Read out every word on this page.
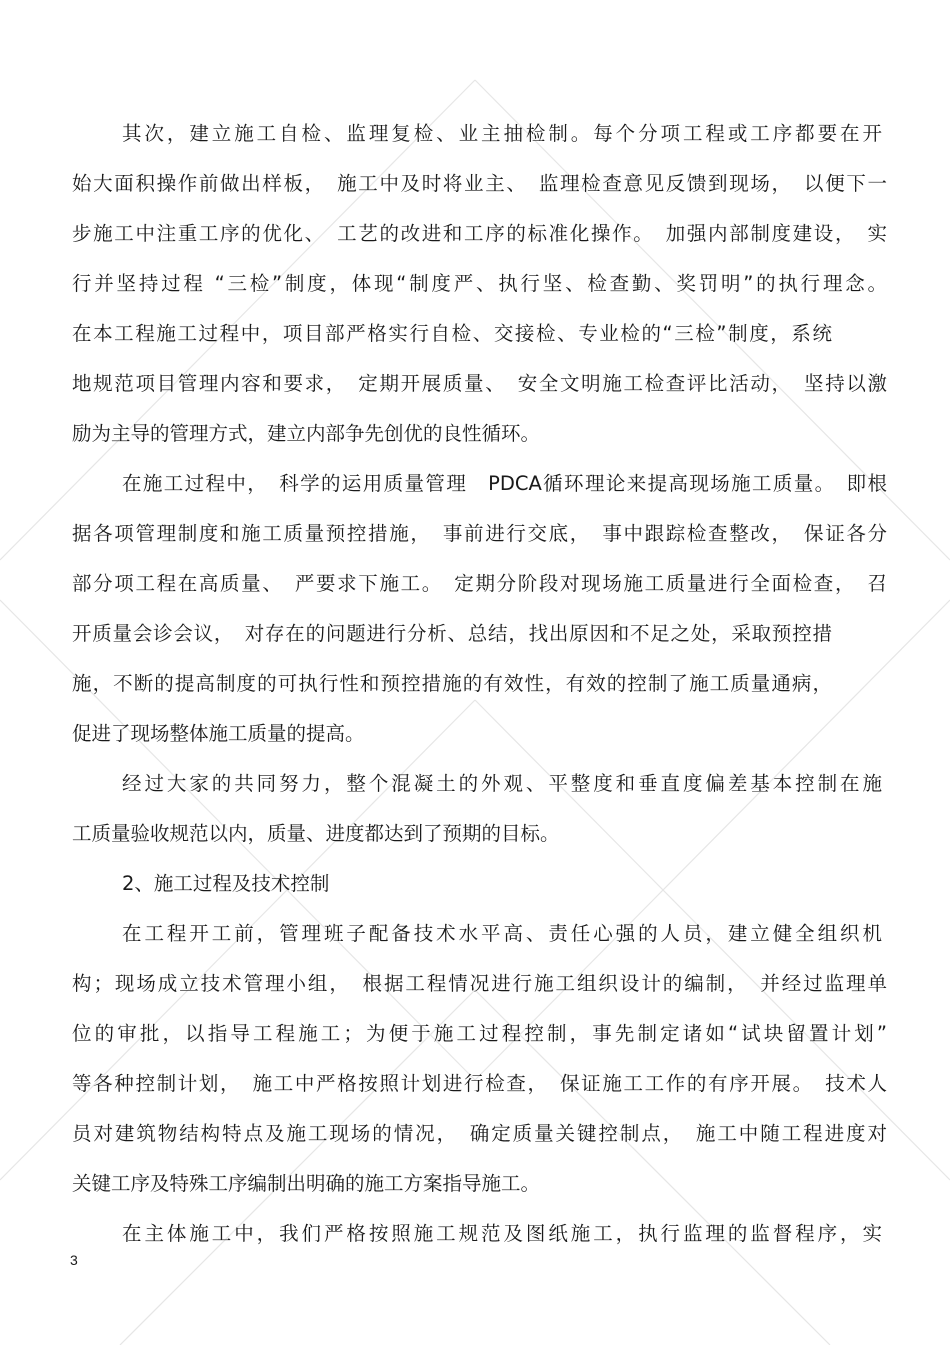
其次，建立施工自检、监理复检、业主抽检制。每个分项工程或工序都要在开
始大面积操作前做出样板，　施工中及时将业主、　监理检查意见反馈到现场，　以便下一
步施工中注重工序的优化、　工艺的改进和工序的标准化操作。　加强内部制度建设，　实
行并坚持过程 “三检”制度，体现“制度严、执行坚、检查勤、奖罚明”的执行理念。
在本工程施工过程中，项目部严格实行自检、交接检、专业检的“三检”制度，系统
地规范项目管理内容和要求，　定期开展质量、　安全文明施工检查评比活动，　坚持以激
励为主导的管理方式，建立内部争先创优的良性循环。
在施工过程中，　科学的运用质量管理　PDCA循环理论来提高现场施工质量。　即根
据各项管理制度和施工质量预控措施，　事前进行交底，　事中跟踪检查整改，　保证各分
部分项工程在高质量、　严要求下施工。　定期分阶段对现场施工质量进行全面检查，　召
开质量会诊会议，　对存在的问题进行分析、总结，找出原因和不足之处，采取预控措
施，不断的提高制度的可执行性和预控措施的有效性，有效的控制了施工质量通病，
促进了现场整体施工质量的提高。
经过大家的共同努力，整个混凝土的外观、平整度和垂直度偏差基本控制在施
工质量验收规范以内，质量、进度都达到了预期的目标。
2、施工过程及技术控制
在工程开工前，管理班子配备技术水平高、责任心强的人员，建立健全组织机
构；现场成立技术管理小组，　根据工程情况进行施工组织设计的编制，　并经过监理单
位的审批，以指导工程施工；为便于施工过程控制，事先制定诸如“试块留置计划”
等各种控制计划，　施工中严格按照计划进行检查，　保证施工工作的有序开展。　技术人
员对建筑物结构特点及施工现场的情况，　确定质量关键控制点，　施工中随工程进度对
关键工序及特殊工序编制出明确的施工方案指导施工。
在主体施工中，我们严格按照施工规范及图纸施工，执行监理的监督程序，实
3
